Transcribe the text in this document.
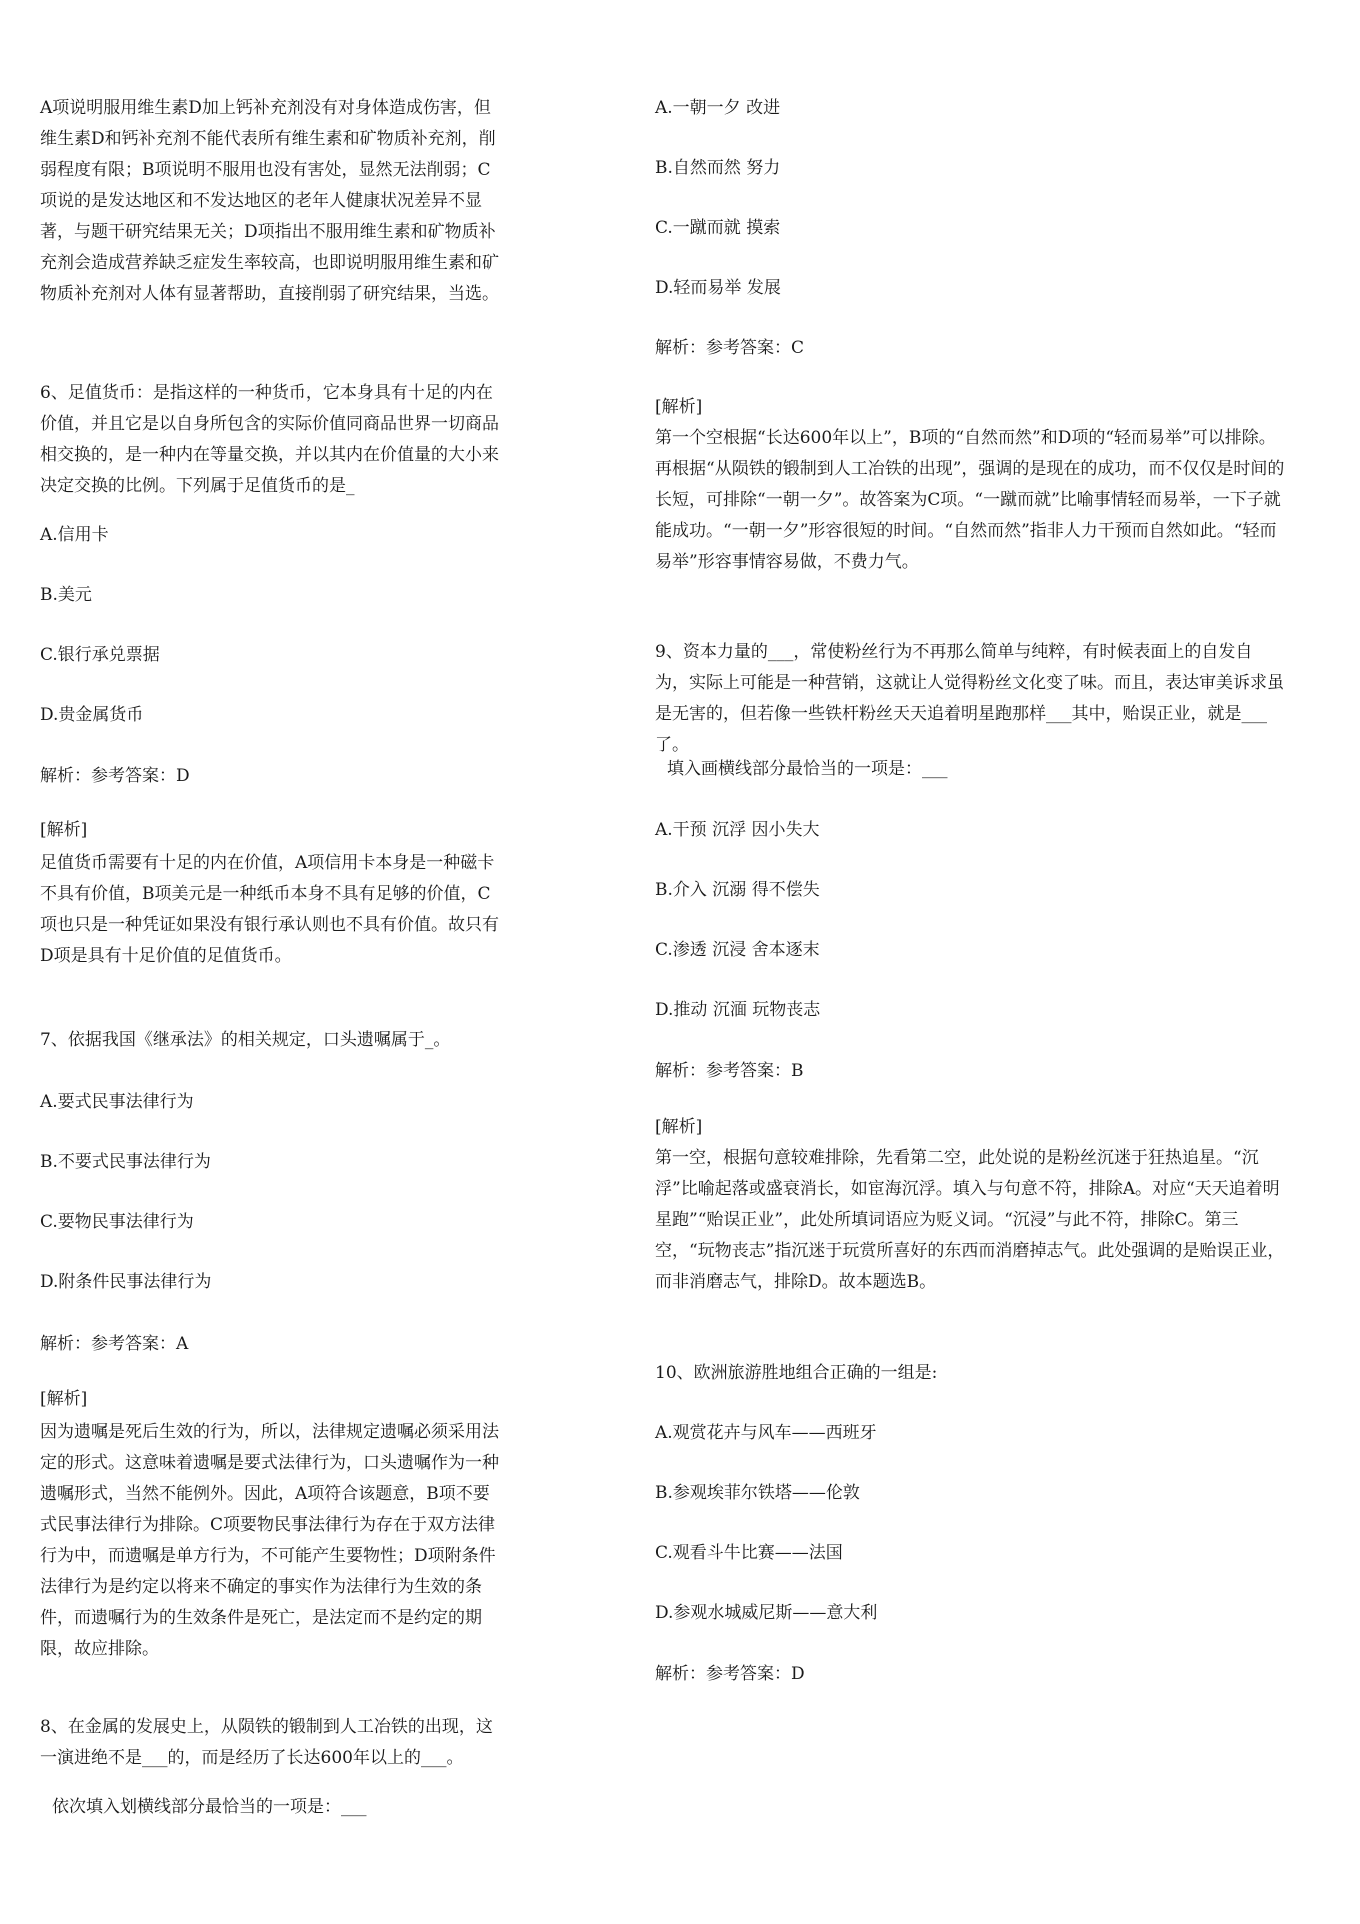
A项说明服用维生素D加上钙补充剂没有对身体造成伤害，但维生素D和钙补充剂不能代表所有维生素和矿物质补充剂，削弱程度有限；B项说明不服用也没有害处，显然无法削弱；C项说的是发达地区和不发达地区的老年人健康状况差异不显著，与题干研究结果无关；D项指出不服用维生素和矿物质补充剂会造成营养缺乏症发生率较高，也即说明服用维生素和矿物质补充剂对人体有显著帮助，直接削弱了研究结果，当选。

6、足值货币：是指这样的一种货币，它本身具有十足的内在价值，并且它是以自身所包含的实际价值同商品世界一切商品相交换的，是一种内在等量交换，并以其内在价值量的大小来决定交换的比例。下列属于足值货币的是_

A.信用卡

B.美元

C.银行承兑票据

D.贵金属货币

解析：参考答案：D

[解析]

足值货币需要有十足的内在价值，A项信用卡本身是一种磁卡不具有价值，B项美元是一种纸币本身不具有足够的价值，C项也只是一种凭证如果没有银行承认则也不具有价值。故只有D项是具有十足价值的足值货币。

7、依据我国《继承法》的相关规定，口头遗嘱属于_。

A.要式民事法律行为

B.不要式民事法律行为

C.要物民事法律行为

D.附条件民事法律行为

解析：参考答案：A

[解析]

因为遗嘱是死后生效的行为，所以，法律规定遗嘱必须采用法定的形式。这意味着遗嘱是要式法律行为，口头遗嘱作为一种遗嘱形式，当然不能例外。因此，A项符合该题意，B项不要式民事法律行为排除。C项要物民事法律行为存在于双方法律行为中，而遗嘱是单方行为，不可能产生要物性；D项附条件法律行为是约定以将来不确定的事实作为法律行为生效的条件，而遗嘱行为的生效条件是死亡，是法定而不是约定的期限，故应排除。

8、在金属的发展史上，从陨铁的锻制到人工冶铁的出现，这一演进绝不是___的，而是经历了长达600年以上的___。

依次填入划横线部分最恰当的一项是：___

A.一朝一夕 改进

B.自然而然 努力

C.一蹴而就 摸索

D.轻而易举 发展

解析：参考答案：C

[解析]

第一个空根据“长达600年以上”，B项的“自然而然”和D项的“轻而易举”可以排除。再根据“从陨铁的锻制到人工冶铁的出现”，强调的是现在的成功，而不仅仅是时间的长短，可排除“一朝一夕”。故答案为C项。“一蹴而就”比喻事情轻而易举，一下子就能成功。“一朝一夕”形容很短的时间。“自然而然”指非人力干预而自然如此。“轻而易举”形容事情容易做，不费力气。

9、资本力量的___，常使粉丝行为不再那么简单与纯粹，有时候表面上的自发自为，实际上可能是一种营销，这就让人觉得粉丝文化变了味。而且，表达审美诉求虽是无害的，但若像一些铁杆粉丝天天追着明星跑那样___其中，贻误正业，就是___了。

填入画横线部分最恰当的一项是：___

A.干预 沉浮 因小失大

B.介入 沉溺 得不偿失

C.渗透 沉浸 舍本逐末

D.推动 沉湎 玩物丧志

解析：参考答案：B

[解析]

第一空，根据句意较难排除，先看第二空，此处说的是粉丝沉迷于狂热追星。“沉浮”比喻起落或盛衰消长，如宦海沉浮。填入与句意不符，排除A。对应“天天追着明星跑”“贻误正业”，此处所填词语应为贬义词。“沉浸”与此不符，排除C。第三空，“玩物丧志”指沉迷于玩赏所喜好的东西而消磨掉志气。此处强调的是贻误正业，而非消磨志气，排除D。故本题选B。

10、欧洲旅游胜地组合正确的一组是:

A.观赏花卉与风车——西班牙

B.参观埃菲尔铁塔——伦敦

C.观看斗牛比赛——法国

D.参观水城威尼斯——意大利

解析：参考答案：D
